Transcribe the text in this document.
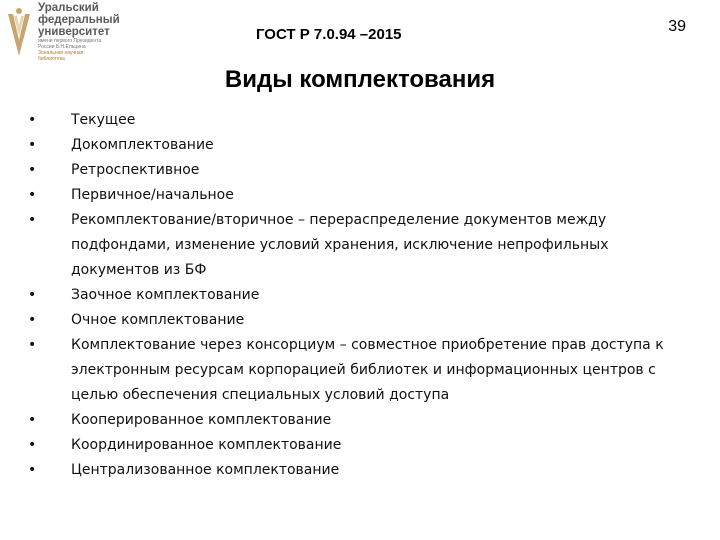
Уральский
федеральный
университет
имени первого Президента
России Б.Н.Ельцина
Зональная научная
библиотека
ГОСТ Р 7.0.94 –2015	39
Виды комплектования
• Текущее
• Докомплектование
• Ретроспективное
• Первичное/начальное
• Рекомплектование/вторичное – перераспределение документов между подфондами, изменение условий хранения, исключение непрофильных документов из БФ
• Заочное комплектование
• Очное комплектование
• Комплектование через консорциум – совместное приобретение прав доступа к электронным ресурсам корпорацией библиотек и информационных центров с целью обеспечения специальных условий доступа
• Кооперированное комплектование
• Координированное комплектование
• Централизованное комплектование
